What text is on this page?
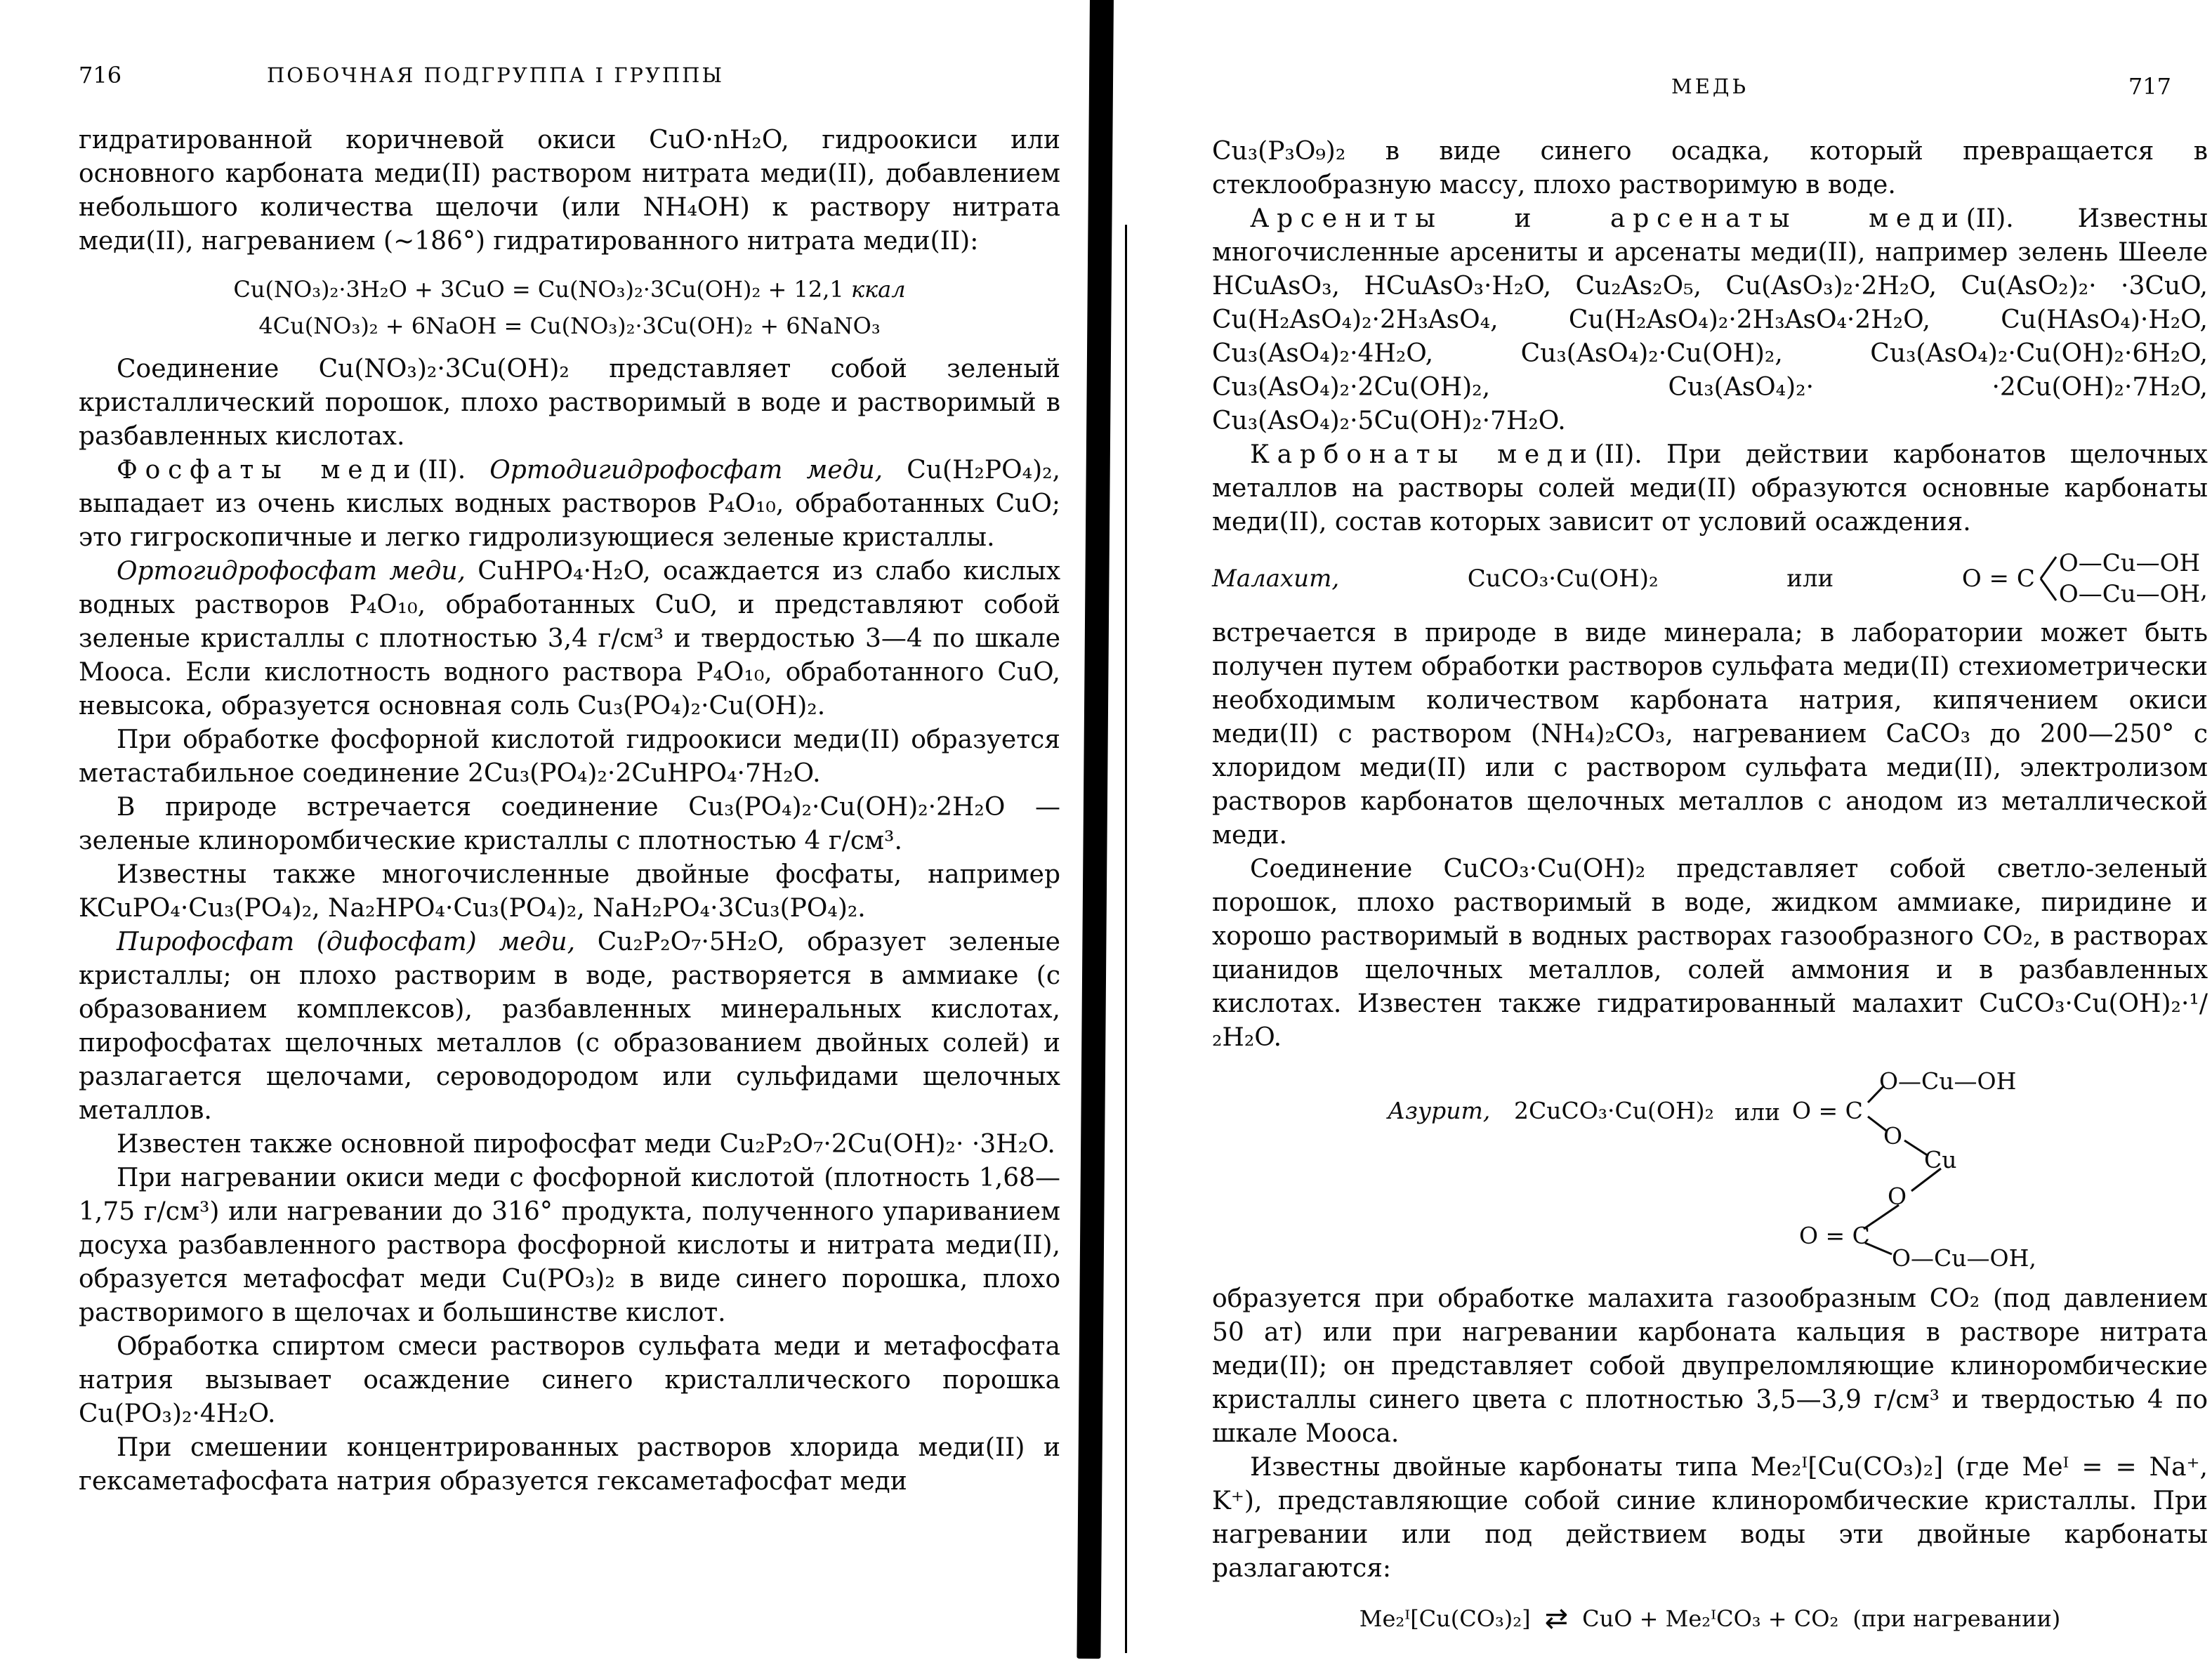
716	ПОБОЧНАЯ ПОДГРУППА I ГРУППЫ

гидратированной коричневой окиси CuO·nH₂O, гидроокиси или основного карбоната меди(II) раствором нитрата меди(II), добавлением небольшого количества щелочи (или NH₄OH) к раствору нитрата меди(II), нагреванием (~186°) гидратированного нитрата меди(II):

Cu(NO₃)₂·3H₂O + 3CuO = Cu(NO₃)₂·3Cu(OH)₂ + 12,1 ккал
4Cu(NO₃)₂ + 6NaOH = Cu(NO₃)₂·3Cu(OH)₂ + 6NaNO₃

Соединение Cu(NO₃)₂·3Cu(OH)₂ представляет собой зеленый кристаллический порошок, плохо растворимый в воде и растворимый в разбавленных кислотах.

Фосфаты меди(II). Ортодигидрофосфат меди, Cu(H₂PO₄)₂, выпадает из очень кислых водных растворов P₄O₁₀, обработанных CuO; это гигроскопичные и легко гидролизующиеся зеленые кристаллы.

Ортогидрофосфат меди, CuHPO₄·H₂O, осаждается из слабо кислых водных растворов P₄O₁₀, обработанных CuO, и представляют собой зеленые кристаллы с плотностью 3,4 г/см³ и твердостью 3—4 по шкале Мооса. Если кислотность водного раствора P₄O₁₀, обработанного CuO, невысока, образуется основная соль Cu₃(PO₄)₂·Cu(OH)₂.

При обработке фосфорной кислотой гидроокиси меди(II) образуется метастабильное соединение 2Cu₃(PO₄)₂·2CuHPO₄·7H₂O.

В природе встречается соединение Cu₃(PO₄)₂·Cu(OH)₂·2H₂O — зеленые клиноромбические кристаллы с плотностью 4 г/см³.

Известны также многочисленные двойные фосфаты, например KCuPO₄·Cu₃(PO₄)₂, Na₂HPO₄·Cu₃(PO₄)₂, NaH₂PO₄·3Cu₃(PO₄)₂.

Пирофосфат (дифосфат) меди, Cu₂P₂O₇·5H₂O, образует зеленые кристаллы; он плохо растворим в воде, растворяется в аммиаке (с образованием комплексов), разбавленных минеральных кислотах, пирофосфатах щелочных металлов (с образованием двойных солей) и разлагается щелочами, сероводородом или сульфидами щелочных металлов.

Известен также основной пирофосфат меди Cu₂P₂O₇·2Cu(OH)₂· ·3H₂O.

При нагревании окиси меди с фосфорной кислотой (плотность 1,68—1,75 г/см³) или нагревании до 316° продукта, полученного упариванием досуха разбавленного раствора фосфорной кислоты и нитрата меди(II), образуется метафосфат меди Cu(PO₃)₂ в виде синего порошка, плохо растворимого в щелочах и большинстве кислот.

Обработка спиртом смеси растворов сульфата меди и метафосфата натрия вызывает осаждение синего кристаллического порошка Cu(PO₃)₂·4H₂O.

При смешении концентрированных растворов хлорида меди(II) и гексаметафосфата натрия образуется гексаметафосфат меди

МЕДЬ	717

Cu₃(P₃O₉)₂ в виде синего осадка, который превращается в стеклообразную массу, плохо растворимую в воде.

Арсениты и арсенаты меди(II). Известны многочисленные арсениты и арсенаты меди(II), например зелень Шееле HCuAsO₃, HCuAsO₃·H₂O, Cu₂As₂O₅, Cu(AsO₃)₂·2H₂O, Cu(AsO₂)₂· ·3CuO, Cu(H₂AsO₄)₂·2H₃AsO₄, Cu(H₂AsO₄)₂·2H₃AsO₄·2H₂O, Cu(HAsO₄)·H₂O, Cu₃(AsO₄)₂·4H₂O, Cu₃(AsO₄)₂·Cu(OH)₂, Cu₃(AsO₄)₂·Cu(OH)₂·6H₂O, Cu₃(AsO₄)₂·2Cu(OH)₂, Cu₃(AsO₄)₂· ·2Cu(OH)₂·7H₂O, Cu₃(AsO₄)₂·5Cu(OH)₂·7H₂O.

Карбонаты меди(II). При действии карбонатов щелочных металлов на растворы солей меди(II) образуются основные карбонаты меди(II), состав которых зависит от условий осаждения.

Малахит,	CuCO₃·Cu(OH)₂	или	O = C
O—Cu—OH
O—Cu—OH ,

встречается в природе в виде минерала; в лаборатории может быть получен путем обработки растворов сульфата меди(II) стехиометрически необходимым количеством карбоната натрия, кипячением окиси меди(II) с раствором (NH₄)₂CO₃, нагреванием CaCO₃ до 200—250° с хлоридом меди(II) или с раствором сульфата меди(II), электролизом растворов карбонатов щелочных металлов с анодом из металлической меди.

Соединение CuCO₃·Cu(OH)₂ представляет собой светло-зеленый порошок, плохо растворимый в воде, жидком аммиаке, пиридине и хорошо растворимый в водных растворах газообразного CO₂, в растворах цианидов щелочных металлов, солей аммония и в разбавленных кислотах. Известен также гидратированный малахит CuCO₃·Cu(OH)₂·¹/₂H₂O.

Азурит, 2CuCO₃·Cu(OH)₂ или O = C
O—Cu—OH
O
Cu
O
O = C
O—Cu—OH,

образуется при обработке малахита газообразным CO₂ (под давлением 50 ат) или при нагревании карбоната кальция в растворе нитрата меди(II); он представляет собой двупреломляющие клиноромбические кристаллы синего цвета с плотностью 3,5—3,9 г/см³ и твердостью 4 по шкале Мооса.

Известны двойные карбонаты типа Me₂ᴵ[Cu(CO₃)₂] (где Meᴵ = = Na⁺, K⁺), представляющие собой синие клиноромбические кристаллы. При нагревании или под действием воды эти двойные карбонаты разлагаются:

Me₂ᴵ[Cu(CO₃)₂] ⇄ CuO + Me₂ᴵCO₃ + CO₂ (при нагревании)
